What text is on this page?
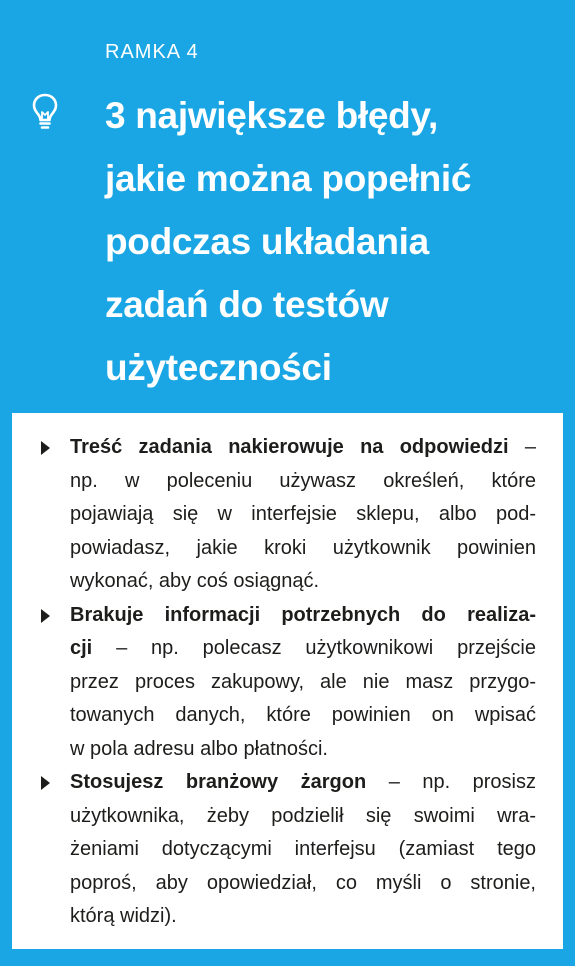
RAMKA 4
3 największe błędy,
jakie można popełnić
podczas układania
zadań do testów
użyteczności
Treść zadania nakierowuje na odpowiedzi –
np. w poleceniu używasz określeń, które
pojawiają się w interfejsie sklepu, albo pod-
powiadasz, jakie kroki użytkownik powinien
wykonać, aby coś osiągnąć.
Brakuje informacji potrzebnych do realiza-
cji – np. polecasz użytkownikowi przejście
przez proces zakupowy, ale nie masz przygo-
towanych danych, które powinien on wpisać
w pola adresu albo płatności.
Stosujesz branżowy żargon – np. prosisz
użytkownika, żeby podzielił się swoimi wra-
żeniami dotyczącymi interfejsu (zamiast tego
poproś, aby opowiedział, co myśli o stronie,
którą widzi).
